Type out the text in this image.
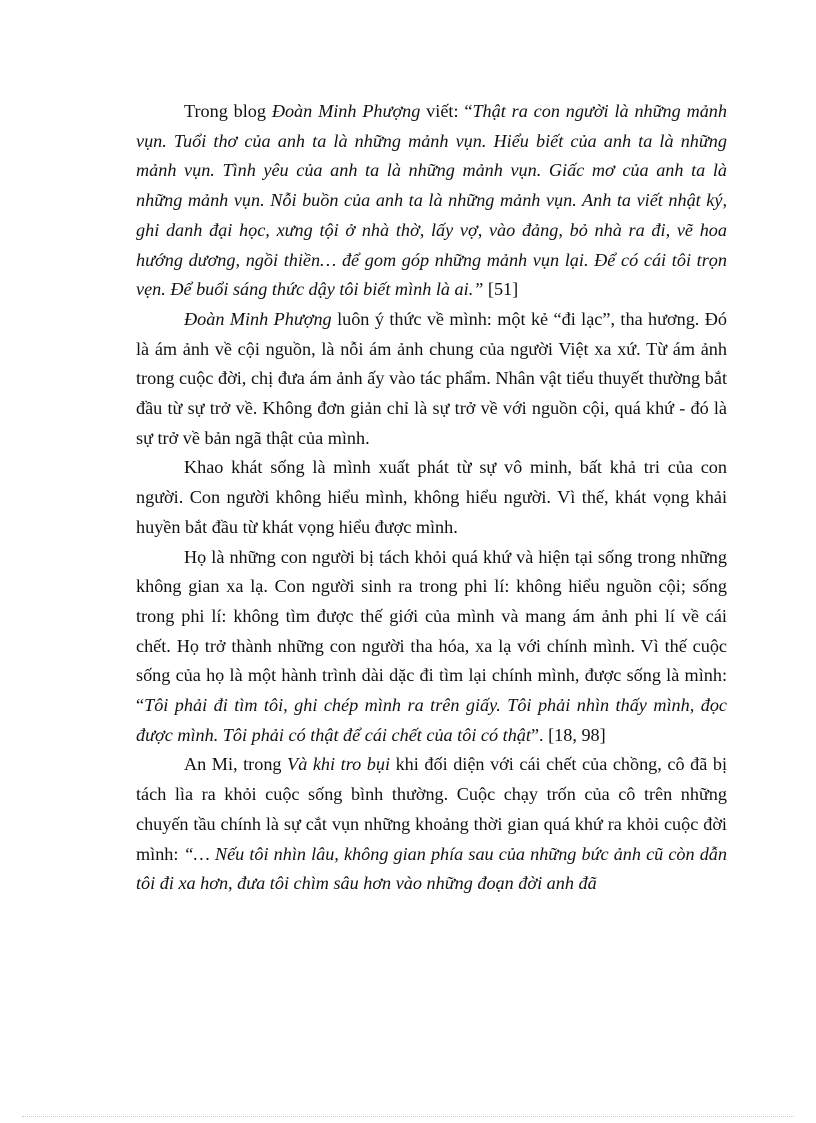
Trong blog Đoàn Minh Phượng viết: “Thật ra con người là những mảnh vụn. Tuổi thơ của anh ta là những mảnh vụn. Hiểu biết của anh ta là những mảnh vụn. Tình yêu của anh ta là những mảnh vụn. Giấc mơ của anh ta là những mảnh vụn. Nỗi buồn của anh ta là những mảnh vụn. Anh ta viết nhật ký, ghi danh đại học, xưng tội ở nhà thờ, lấy vợ, vào đảng, bỏ nhà ra đi, vẽ hoa hướng dương, ngồi thiền… để gom góp những mảnh vụn lại. Để có cái tôi trọn vẹn. Để buổi sáng thức dậy tôi biết mình là ai.” [51]

Đoàn Minh Phượng luôn ý thức về mình: một kẻ “đi lạc”, tha hương. Đó là ám ảnh về cội nguồn, là nỗi ám ảnh chung của người Việt xa xứ. Từ ám ảnh trong cuộc đời, chị đưa ám ảnh ấy vào tác phẩm. Nhân vật tiểu thuyết thường bắt đầu từ sự trở về. Không đơn giản chỉ là sự trở về với nguồn cội, quá khứ - đó là sự trở về bản ngã thật của mình.

Khao khát sống là mình xuất phát từ sự vô minh, bất khả tri của con người. Con người không hiểu mình, không hiểu người. Vì thế, khát vọng khải huyền bắt đầu từ khát vọng hiểu được mình.

Họ là những con người bị tách khỏi quá khứ và hiện tại sống trong những không gian xa lạ. Con người sinh ra trong phi lí: không hiểu nguồn cội; sống trong phi lí: không tìm được thế giới của mình và mang ám ảnh phi lí về cái chết. Họ trở thành những con người tha hóa, xa lạ với chính mình. Vì thế cuộc sống của họ là một hành trình dài dặc đi tìm lại chính mình, được sống là mình: “Tôi phải đi tìm tôi, ghi chép mình ra trên giấy. Tôi phải nhìn thấy mình, đọc được mình. Tôi phải có thật để cái chết của tôi có thật”. [18, 98]

An Mi, trong Và khi tro bụi khi đối diện với cái chết của chồng, cô đã bị tách lìa ra khỏi cuộc sống bình thường. Cuộc chạy trốn của cô trên những chuyến tầu chính là sự cắt vụn những khoảng thời gian quá khứ ra khỏi cuộc đời mình: “… Nếu tôi nhìn lâu, không gian phía sau của những bức ảnh cũ còn dẫn tôi đi xa hơn, đưa tôi chìm sâu hơn vào những đoạn đời anh đã
